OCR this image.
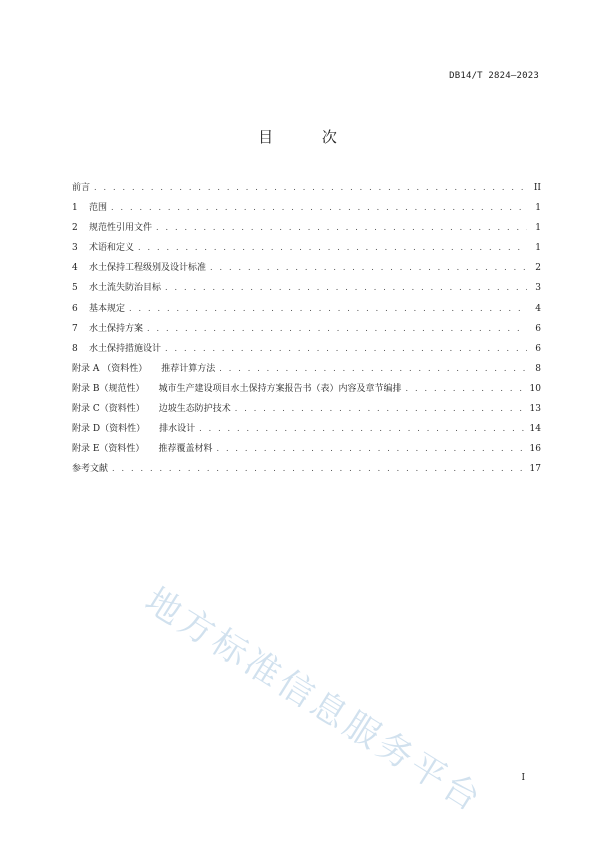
DB14/T 2824—2023
目 次
前言 . . .	II
1 范围 . . .	1
2 规范性引用文件 . . .	1
3 术语和定义 . . .	1
4 水土保持工程级别及设计标准 . . .	2
5 水土流失防治目标 . . .	3
6 基本规定 . . .	4
7 水土保持方案 . . .	6
8 水土保持措施设计 . . .	6
附录 A （资料性） 推荐计算方法 . . .	8
附录 B（规范性） 城市生产建设项目水土保持方案报告书（表）内容及章节编排 . . .	10
附录 C（资料性） 边坡生态防护技术 . . .	13
附录 D（资料性） 排水设计 . . .	14
附录 E（资料性） 推荐覆盖材料 . . .	16
参考文献 . . .	17
地方标准信息服务平台	I
